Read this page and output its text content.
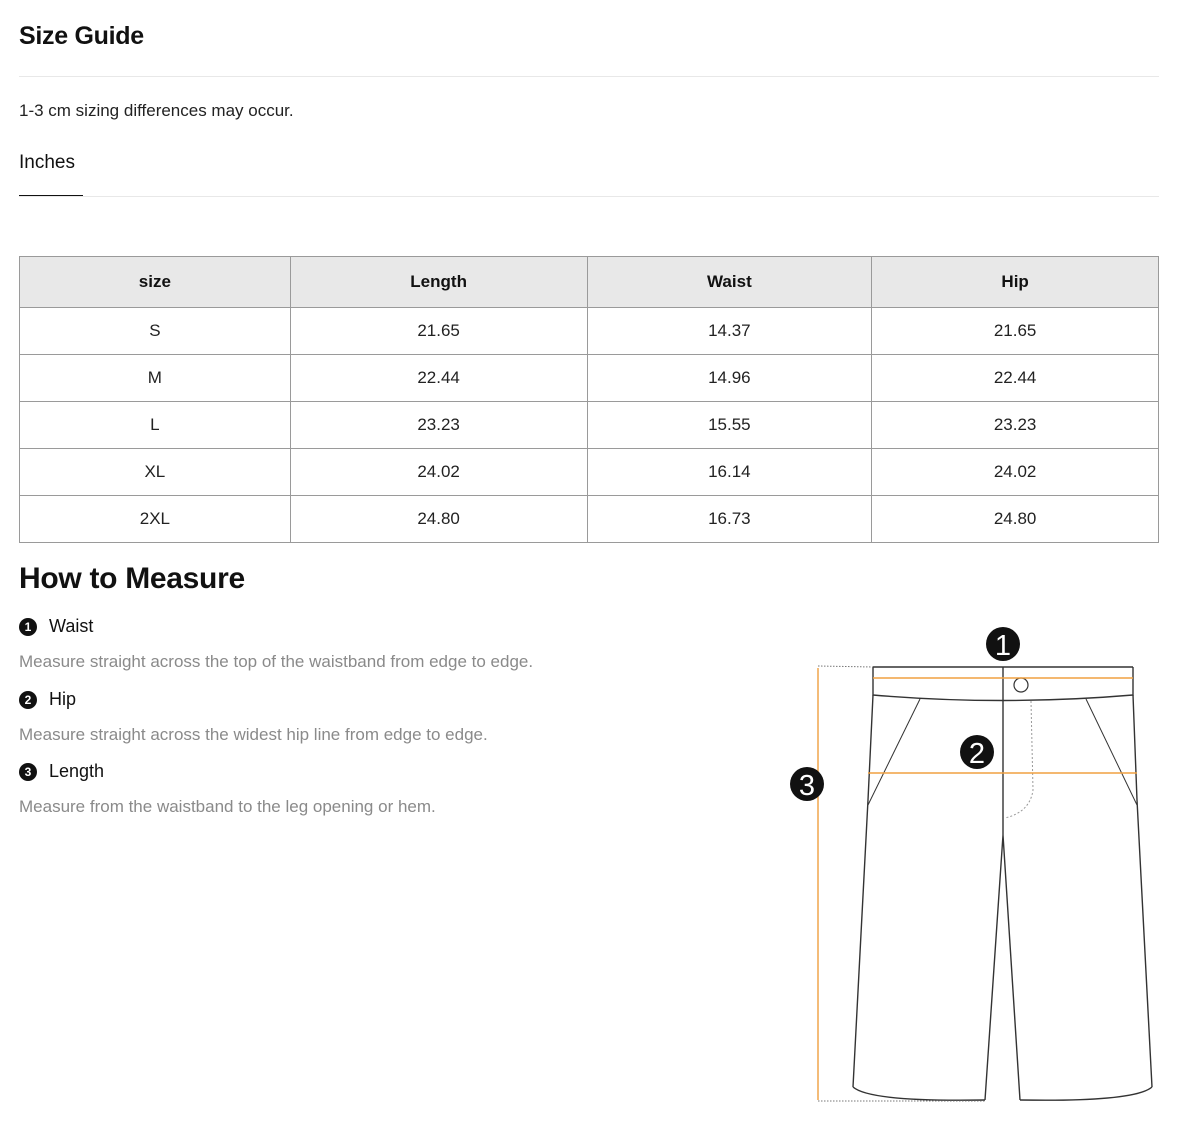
Size Guide
1-3 cm sizing differences may occur.
Inches
size	Length	Waist	Hip
S	21.65	14.37	21.65
M	22.44	14.96	22.44
L	23.23	15.55	23.23
XL	24.02	16.14	24.02
2XL	24.80	16.73	24.80
How to Measure
1 Waist
Measure straight across the top of the waistband from edge to edge.
2 Hip
Measure straight across the widest hip line from edge to edge.
3 Length
Measure from the waistband to the leg opening or hem.
1
2
3
